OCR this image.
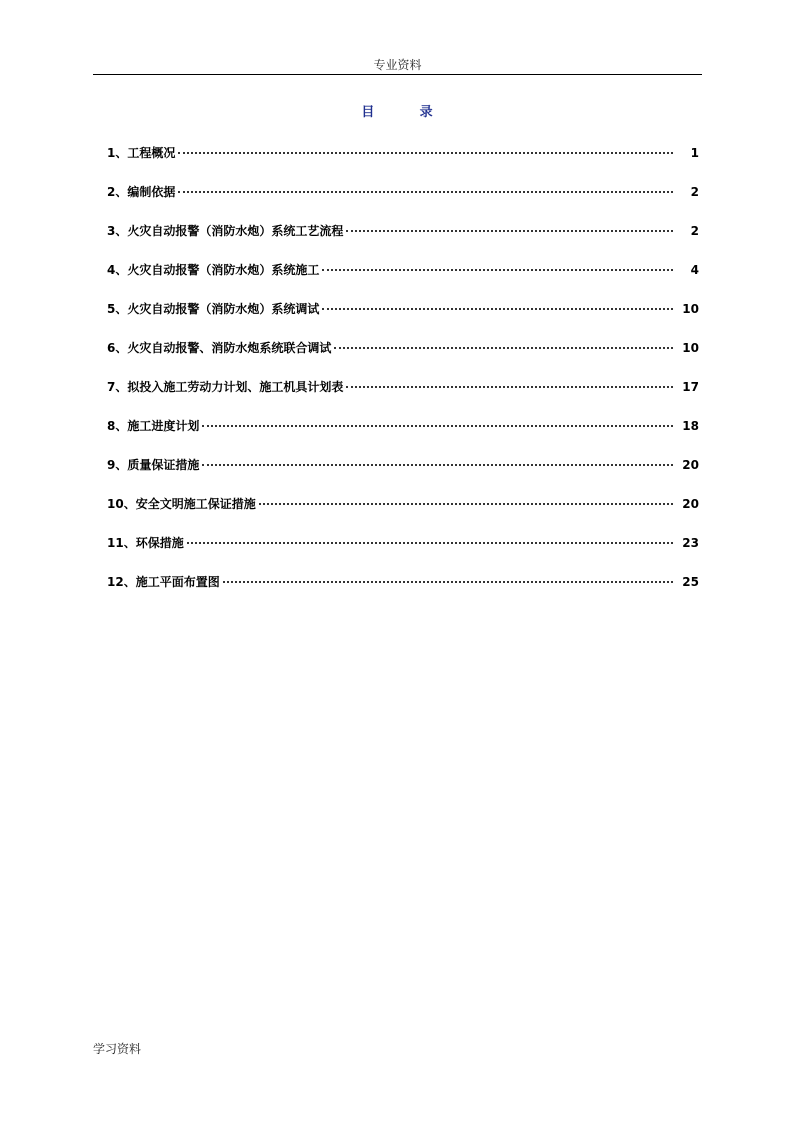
专业资料
目          录
1、工程概况	1
2、编制依据	2
3、火灾自动报警（消防水炮）系统工艺流程	2
4、火灾自动报警（消防水炮）系统施工	4
5、火灾自动报警（消防水炮）系统调试	10
6、火灾自动报警、消防水炮系统联合调试	10
7、拟投入施工劳动力计划、施工机具计划表	17
8、施工进度计划	18
9、质量保证措施	20
10、安全文明施工保证措施	20
11、环保措施	23
12、施工平面布置图	25
学习资料
